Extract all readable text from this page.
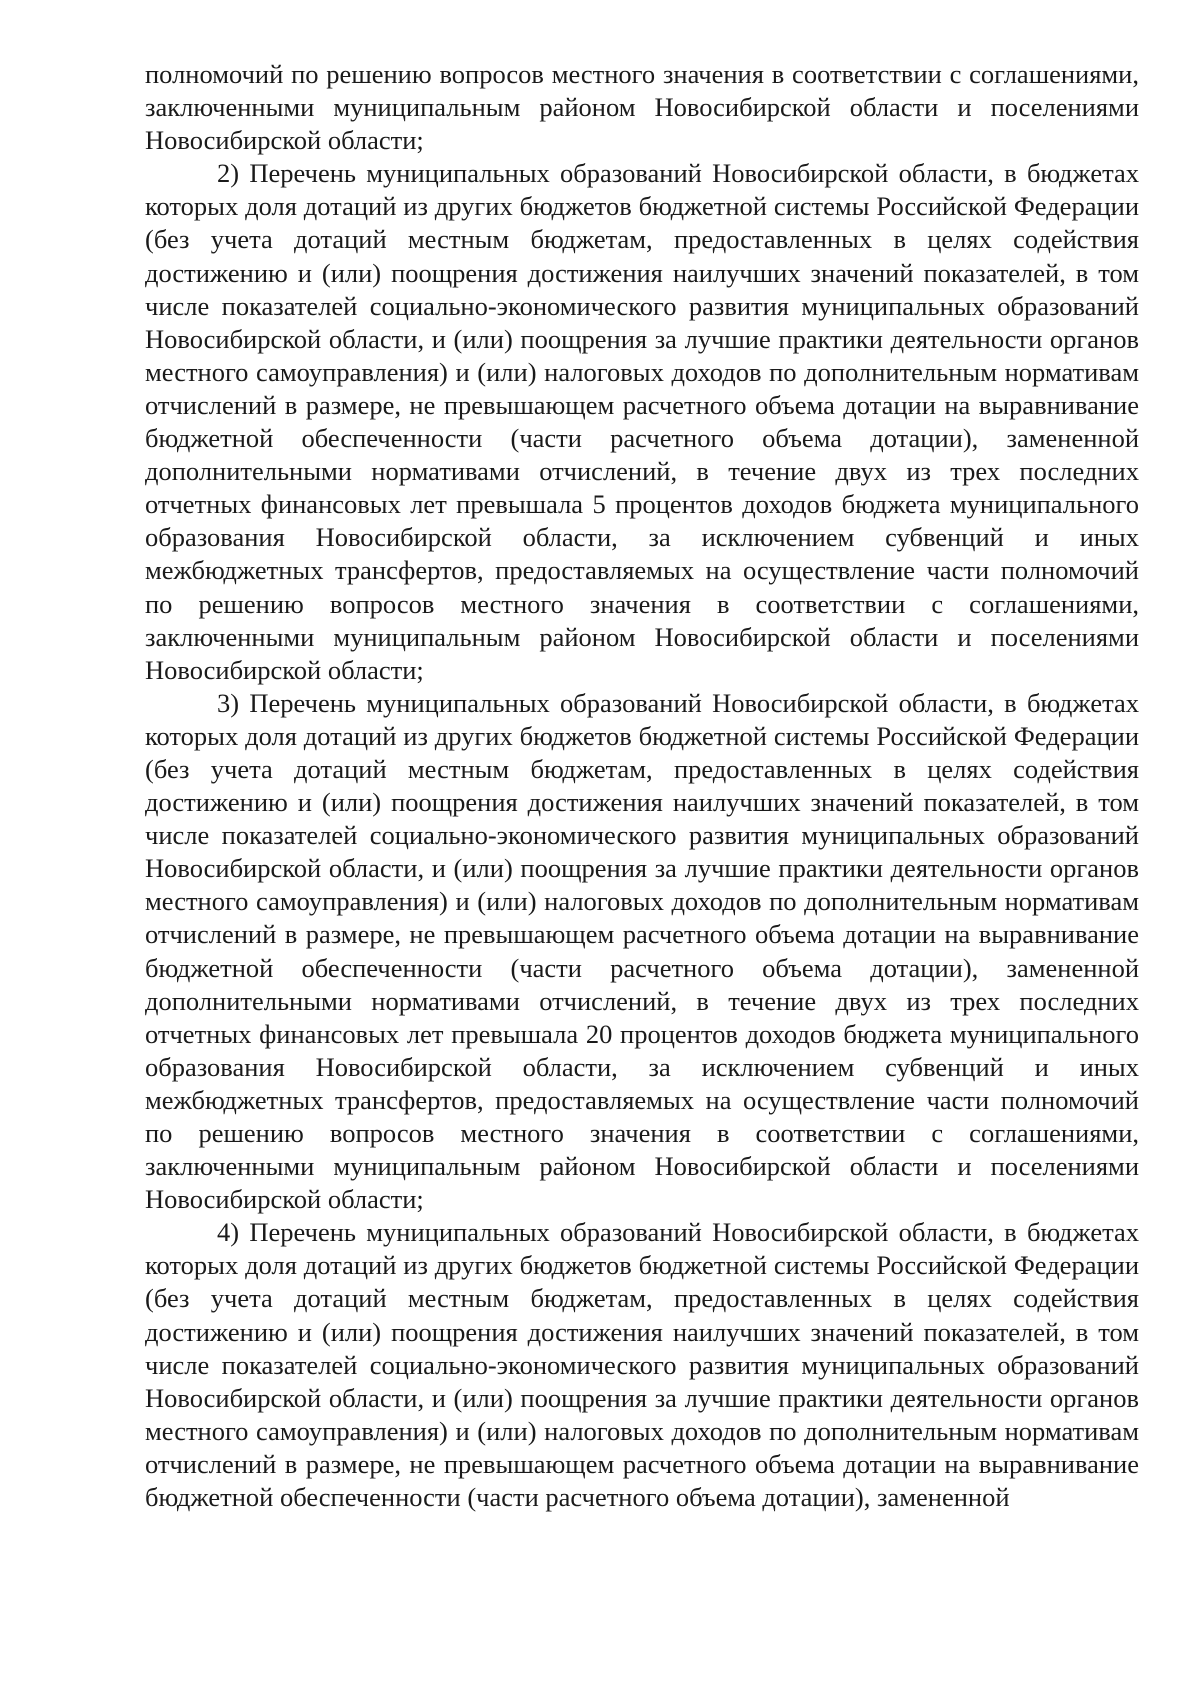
полномочий по решению вопросов местного значения в соответствии с соглашениями, заключенными муниципальным районом Новосибирской области и поселениями Новосибирской области;

2) Перечень муниципальных образований Новосибирской области, в бюджетах которых доля дотаций из других бюджетов бюджетной системы Российской Федерации (без учета дотаций местным бюджетам, предоставленных в целях содействия достижению и (или) поощрения достижения наилучших значений показателей, в том числе показателей социально-экономического развития муниципальных образований Новосибирской области, и (или) поощрения за лучшие практики деятельности органов местного самоуправления) и (или) налоговых доходов по дополнительным нормативам отчислений в размере, не превышающем расчетного объема дотации на выравнивание бюджетной обеспеченности (части расчетного объема дотации), замененной дополнительными нормативами отчислений, в течение двух из трех последних отчетных финансовых лет превышала 5 процентов доходов бюджета муниципального образования Новосибирской области, за исключением субвенций и иных межбюджетных трансфертов, предоставляемых на осуществление части полномочий по решению вопросов местного значения в соответствии с соглашениями, заключенными муниципальным районом Новосибирской области и поселениями Новосибирской области;

3) Перечень муниципальных образований Новосибирской области, в бюджетах которых доля дотаций из других бюджетов бюджетной системы Российской Федерации (без учета дотаций местным бюджетам, предоставленных в целях содействия достижению и (или) поощрения достижения наилучших значений показателей, в том числе показателей социально-экономического развития муниципальных образований Новосибирской области, и (или) поощрения за лучшие практики деятельности органов местного самоуправления) и (или) налоговых доходов по дополнительным нормативам отчислений в размере, не превышающем расчетного объема дотации на выравнивание бюджетной обеспеченности (части расчетного объема дотации), замененной дополнительными нормативами отчислений, в течение двух из трех последних отчетных финансовых лет превышала 20 процентов доходов бюджета муниципального образования Новосибирской области, за исключением субвенций и иных межбюджетных трансфертов, предоставляемых на осуществление части полномочий по решению вопросов местного значения в соответствии с соглашениями, заключенными муниципальным районом Новосибирской области и поселениями Новосибирской области;

4) Перечень муниципальных образований Новосибирской области, в бюджетах которых доля дотаций из других бюджетов бюджетной системы Российской Федерации (без учета дотаций местным бюджетам, предоставленных в целях содействия достижению и (или) поощрения достижения наилучших значений показателей, в том числе показателей социально-экономического развития муниципальных образований Новосибирской области, и (или) поощрения за лучшие практики деятельности органов местного самоуправления) и (или) налоговых доходов по дополнительным нормативам отчислений в размере, не превышающем расчетного объема дотации на выравнивание бюджетной обеспеченности (части расчетного объема дотации), замененной
